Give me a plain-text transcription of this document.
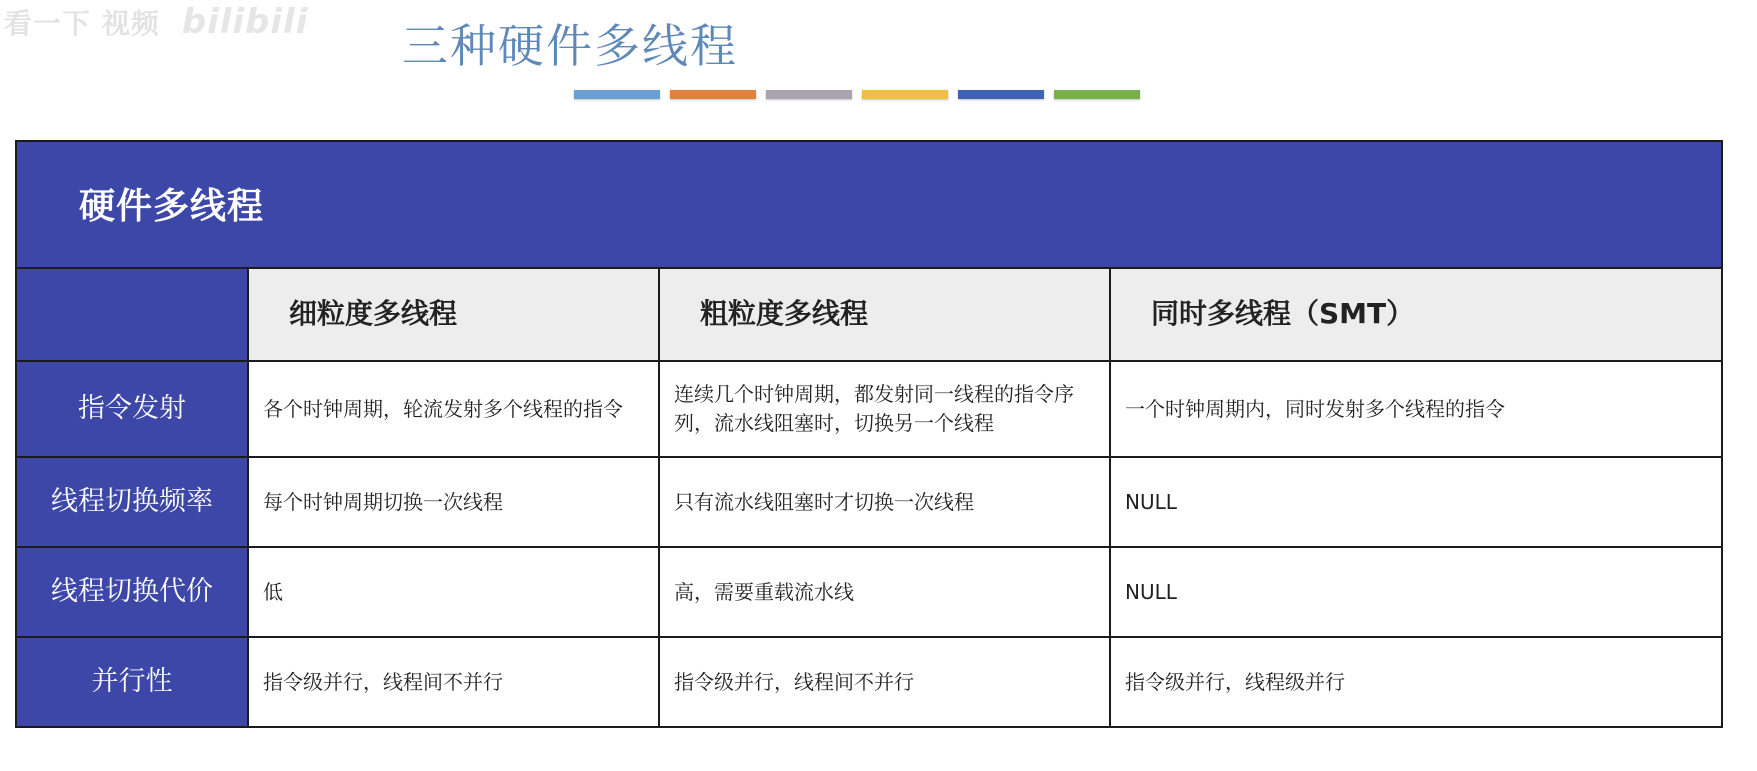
看一下 视频 bilibili	三种硬件多线程
硬件多线程
	细粒度多线程	粗粒度多线程	同时多线程（SMT）
指令发射	各个时钟周期，轮流发射多个线程的指令	连续几个时钟周期，都发射同一线程的指令序列，流水线阻塞时，切换另一个线程	一个时钟周期内，同时发射多个线程的指令
线程切换频率	每个时钟周期切换一次线程	只有流水线阻塞时才切换一次线程	NULL
线程切换代价	低	高，需要重载流水线	NULL
并行性	指令级并行，线程间不并行	指令级并行，线程间不并行	指令级并行，线程级并行
